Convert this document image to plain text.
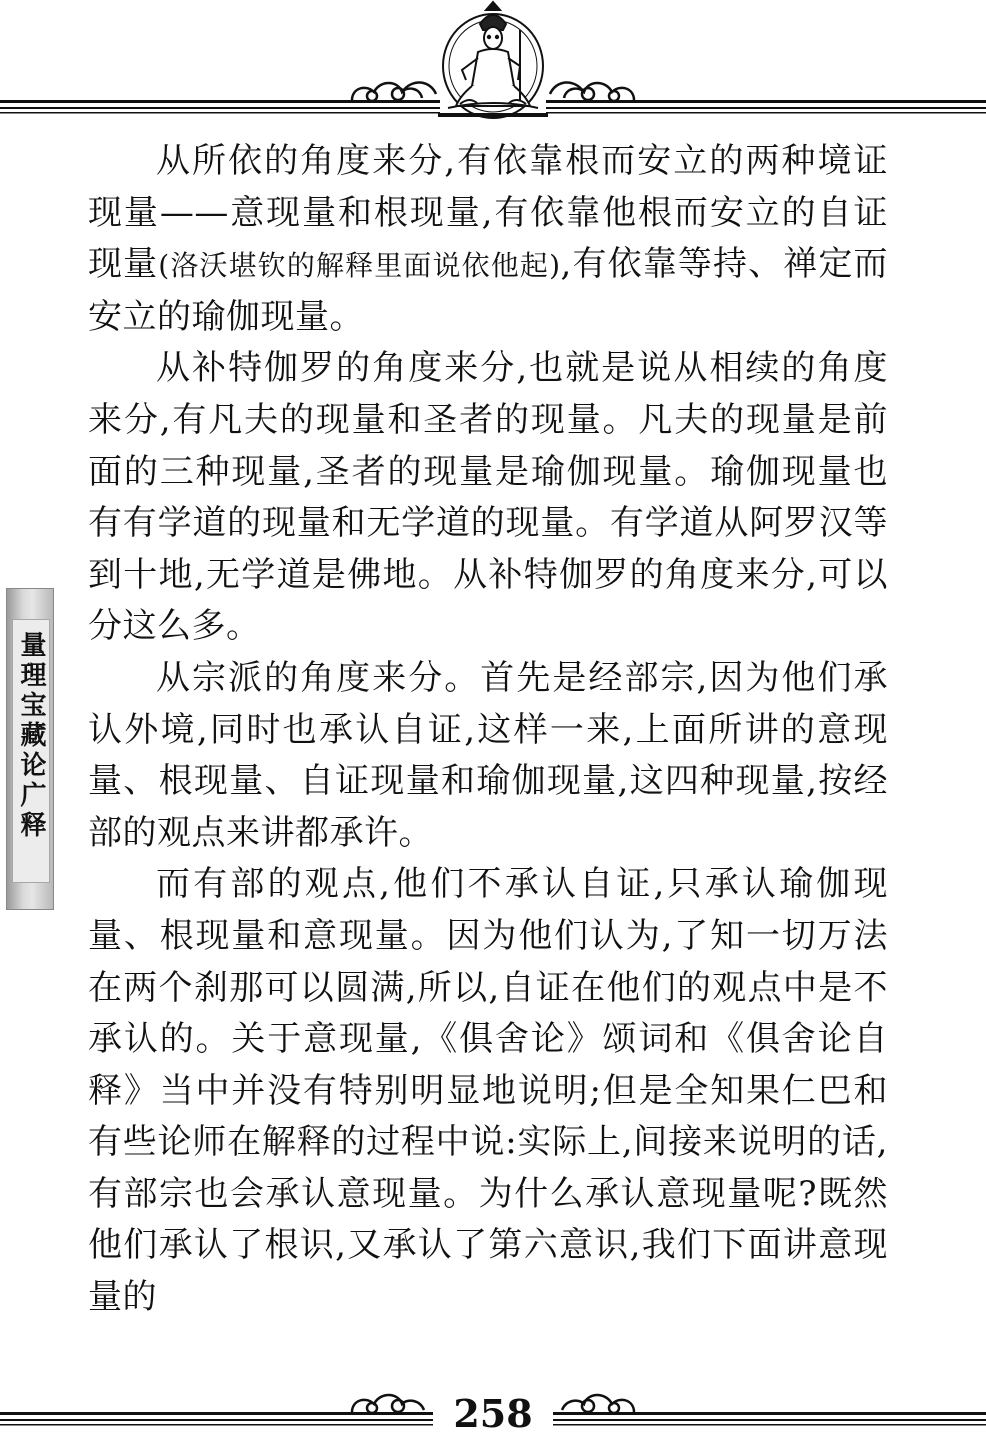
量理宝藏论广释

从所依的角度来分,有依靠根而安立的两种境证现量——意现量和根现量,有依靠他根而安立的自证现量(洛沃堪钦的解释里面说依他起),有依靠等持、禅定而安立的瑜伽现量。

从补特伽罗的角度来分,也就是说从相续的角度来分,有凡夫的现量和圣者的现量。凡夫的现量是前面的三种现量,圣者的现量是瑜伽现量。瑜伽现量也有有学道的现量和无学道的现量。有学道从阿罗汉等到十地,无学道是佛地。从补特伽罗的角度来分,可以分这么多。

从宗派的角度来分。首先是经部宗,因为他们承认外境,同时也承认自证,这样一来,上面所讲的意现量、根现量、自证现量和瑜伽现量,这四种现量,按经部的观点来讲都承许。

而有部的观点,他们不承认自证,只承认瑜伽现量、根现量和意现量。因为他们认为,了知一切万法在两个刹那可以圆满,所以,自证在他们的观点中是不承认的。关于意现量,《俱舍论》颂词和《俱舍论自释》当中并没有特别明显地说明;但是全知果仁巴和有些论师在解释的过程中说:实际上,间接来说明的话,有部宗也会承认意现量。为什么承认意现量呢?既然他们承认了根识,又承认了第六意识,我们下面讲意现量的

258
